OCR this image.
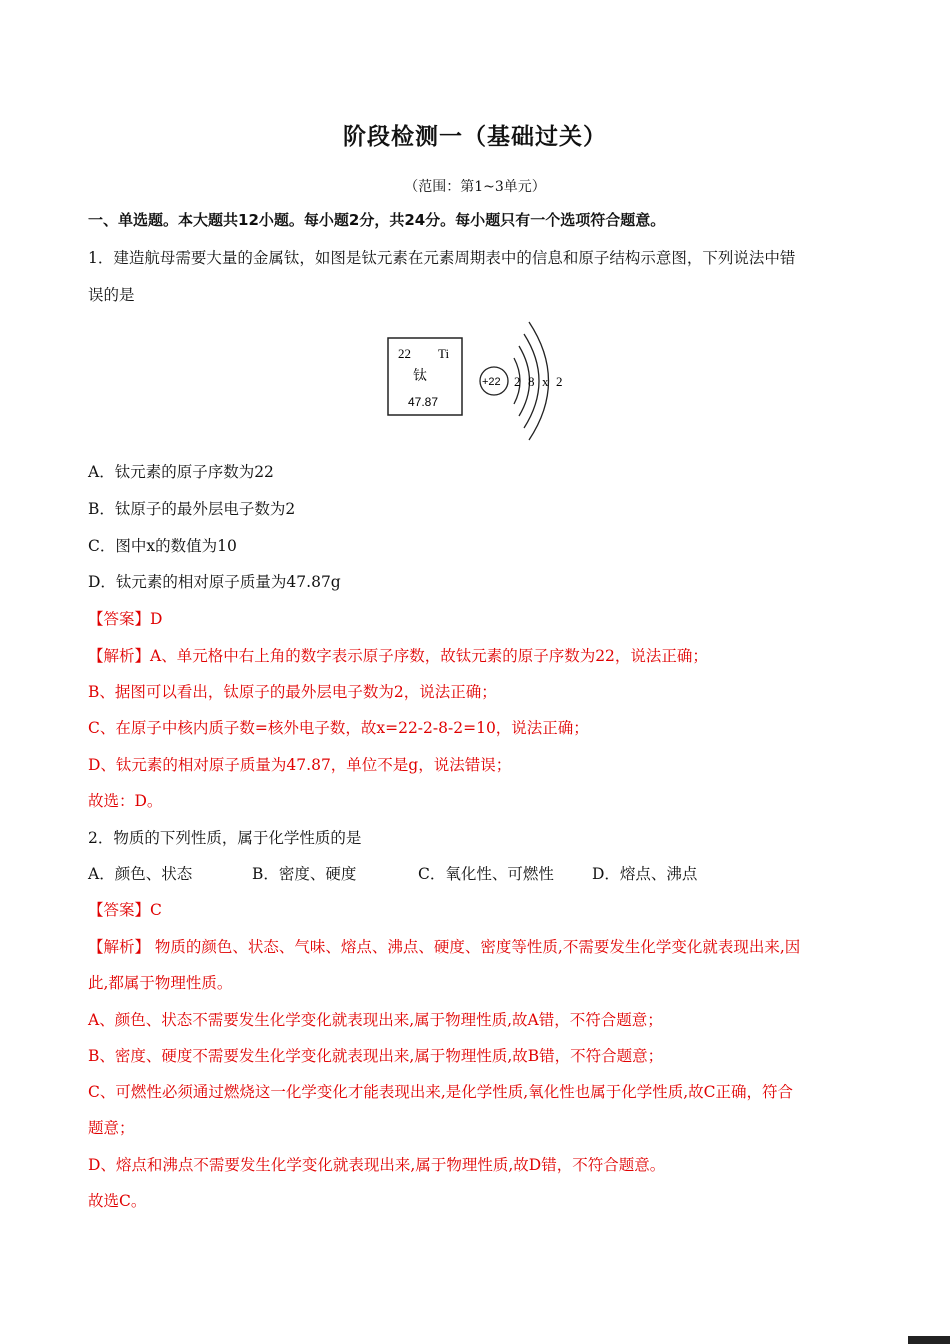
阶段检测一（基础过关）
（范围：第1~3单元）
一、单选题。本大题共12小题。每小题2分，共24分。每小题只有一个选项符合题意。
1．建造航母需要大量的金属钛，如图是钛元素在元素周期表中的信息和原子结构示意图，下列说法中错
误的是
22 Ti
钛
47.87
+22 2 8 x 2
A．钛元素的原子序数为22
B．钛原子的最外层电子数为2
C．图中x的数值为10
D．钛元素的相对原子质量为47.87g
【答案】D
【解析】A、单元格中右上角的数字表示原子序数，故钛元素的原子序数为22，说法正确；
B、据图可以看出，钛原子的最外层电子数为2，说法正确；
C、在原子中核内质子数=核外电子数，故x=22-2-8-2=10，说法正确；
D、钛元素的相对原子质量为47.87，单位不是g，说法错误；
故选：D。
2．物质的下列性质，属于化学性质的是
A．颜色、状态	B．密度、硬度	C．氧化性、可燃性 D．熔点、沸点
【答案】C
【解析】 物质的颜色、状态、气味、熔点、沸点、硬度、密度等性质,不需要发生化学变化就表现出来,因
此,都属于物理性质。
A、颜色、状态不需要发生化学变化就表现出来,属于物理性质,故A错，不符合题意；
B、密度、硬度不需要发生化学变化就表现出来,属于物理性质,故B错，不符合题意；
C、可燃性必须通过燃烧这一化学变化才能表现出来,是化学性质,氧化性也属于化学性质,故C正确，符合
题意；
D、熔点和沸点不需要发生化学变化就表现出来,属于物理性质,故D错，不符合题意。
故选C。
